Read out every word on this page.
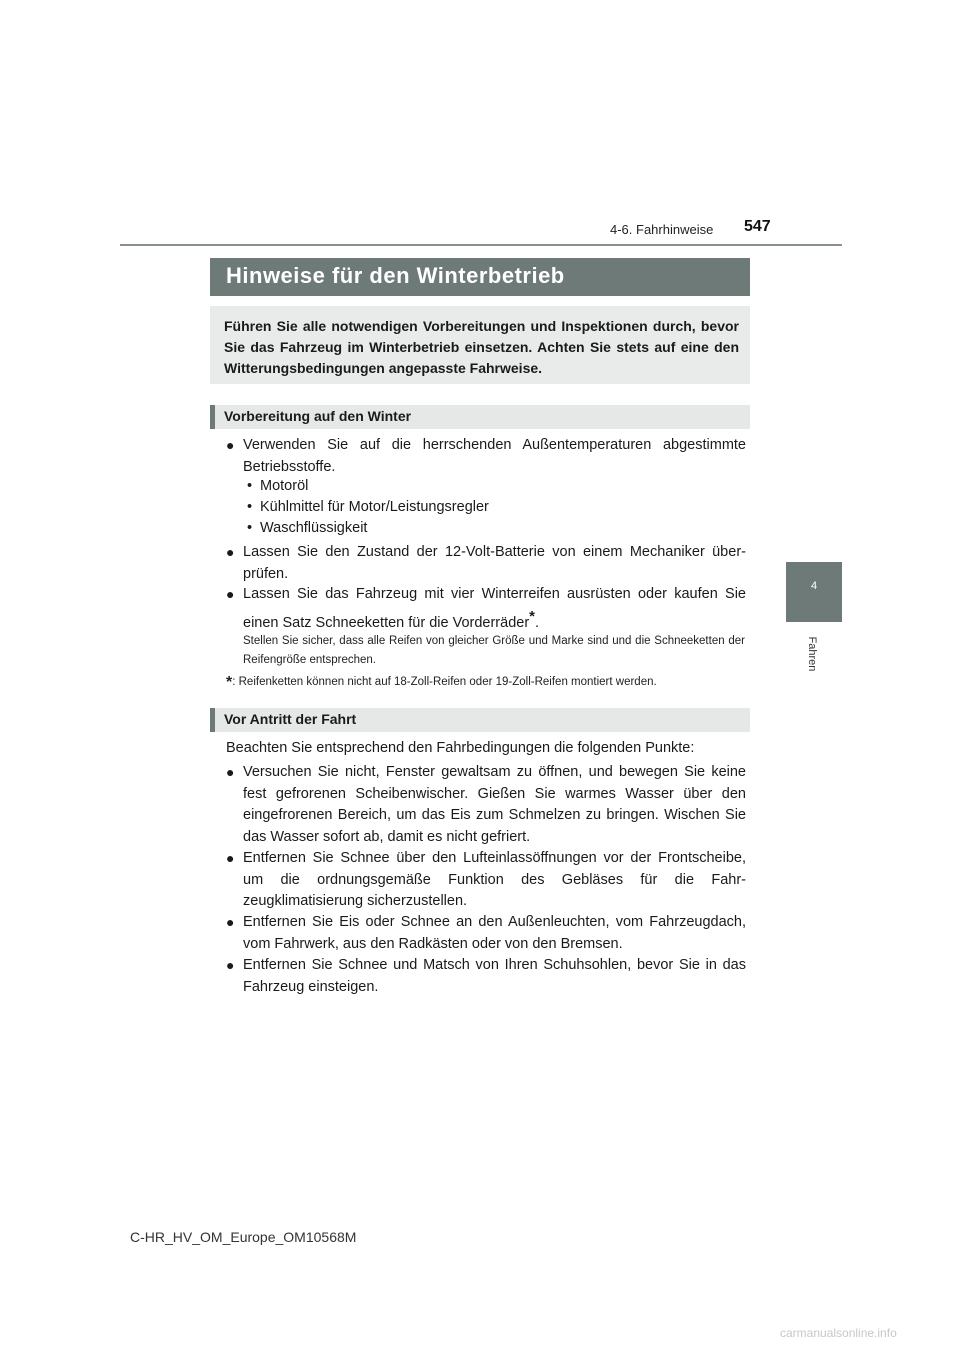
4-6. Fahrhinweise 547
4
Fahren
Hinweise für den Winterbetrieb
Führen Sie alle notwendigen Vorbereitungen und Inspektionen durch, bevor Sie das Fahrzeug im Winterbetrieb einsetzen. Achten Sie stets auf eine den Witterungsbedingungen angepasste Fahrweise.
Vorbereitung auf den Winter
● Verwenden Sie auf die herrschenden Außentemperaturen abgestimmte Betriebsstoffe.
• Motoröl
• Kühlmittel für Motor/Leistungsregler
• Waschflüssigkeit
● Lassen Sie den Zustand der 12-Volt-Batterie von einem Mechaniker überprüfen.
● Lassen Sie das Fahrzeug mit vier Winterreifen ausrüsten oder kaufen Sie einen Satz Schneeketten für die Vorderräder*.
Stellen Sie sicher, dass alle Reifen von gleicher Größe und Marke sind und die Schneeketten der Reifengröße entsprechen.
*: Reifenketten können nicht auf 18-Zoll-Reifen oder 19-Zoll-Reifen montiert werden.
Vor Antritt der Fahrt
Beachten Sie entsprechend den Fahrbedingungen die folgenden Punkte:
● Versuchen Sie nicht, Fenster gewaltsam zu öffnen, und bewegen Sie keine fest gefrorenen Scheibenwischer. Gießen Sie warmes Wasser über den eingefrorenen Bereich, um das Eis zum Schmelzen zu bringen. Wischen Sie das Wasser sofort ab, damit es nicht gefriert.
● Entfernen Sie Schnee über den Lufteinlassöffnungen vor der Frontscheibe, um die ordnungsgemäße Funktion des Gebläses für die Fahrzeugklimatisierung sicherzustellen.
● Entfernen Sie Eis oder Schnee an den Außenleuchten, vom Fahrzeugdach, vom Fahrwerk, aus den Radkästen oder von den Bremsen.
● Entfernen Sie Schnee und Matsch von Ihren Schuhsohlen, bevor Sie in das Fahrzeug einsteigen.
C-HR_HV_OM_Europe_OM10568M
carmanualsonline.info
